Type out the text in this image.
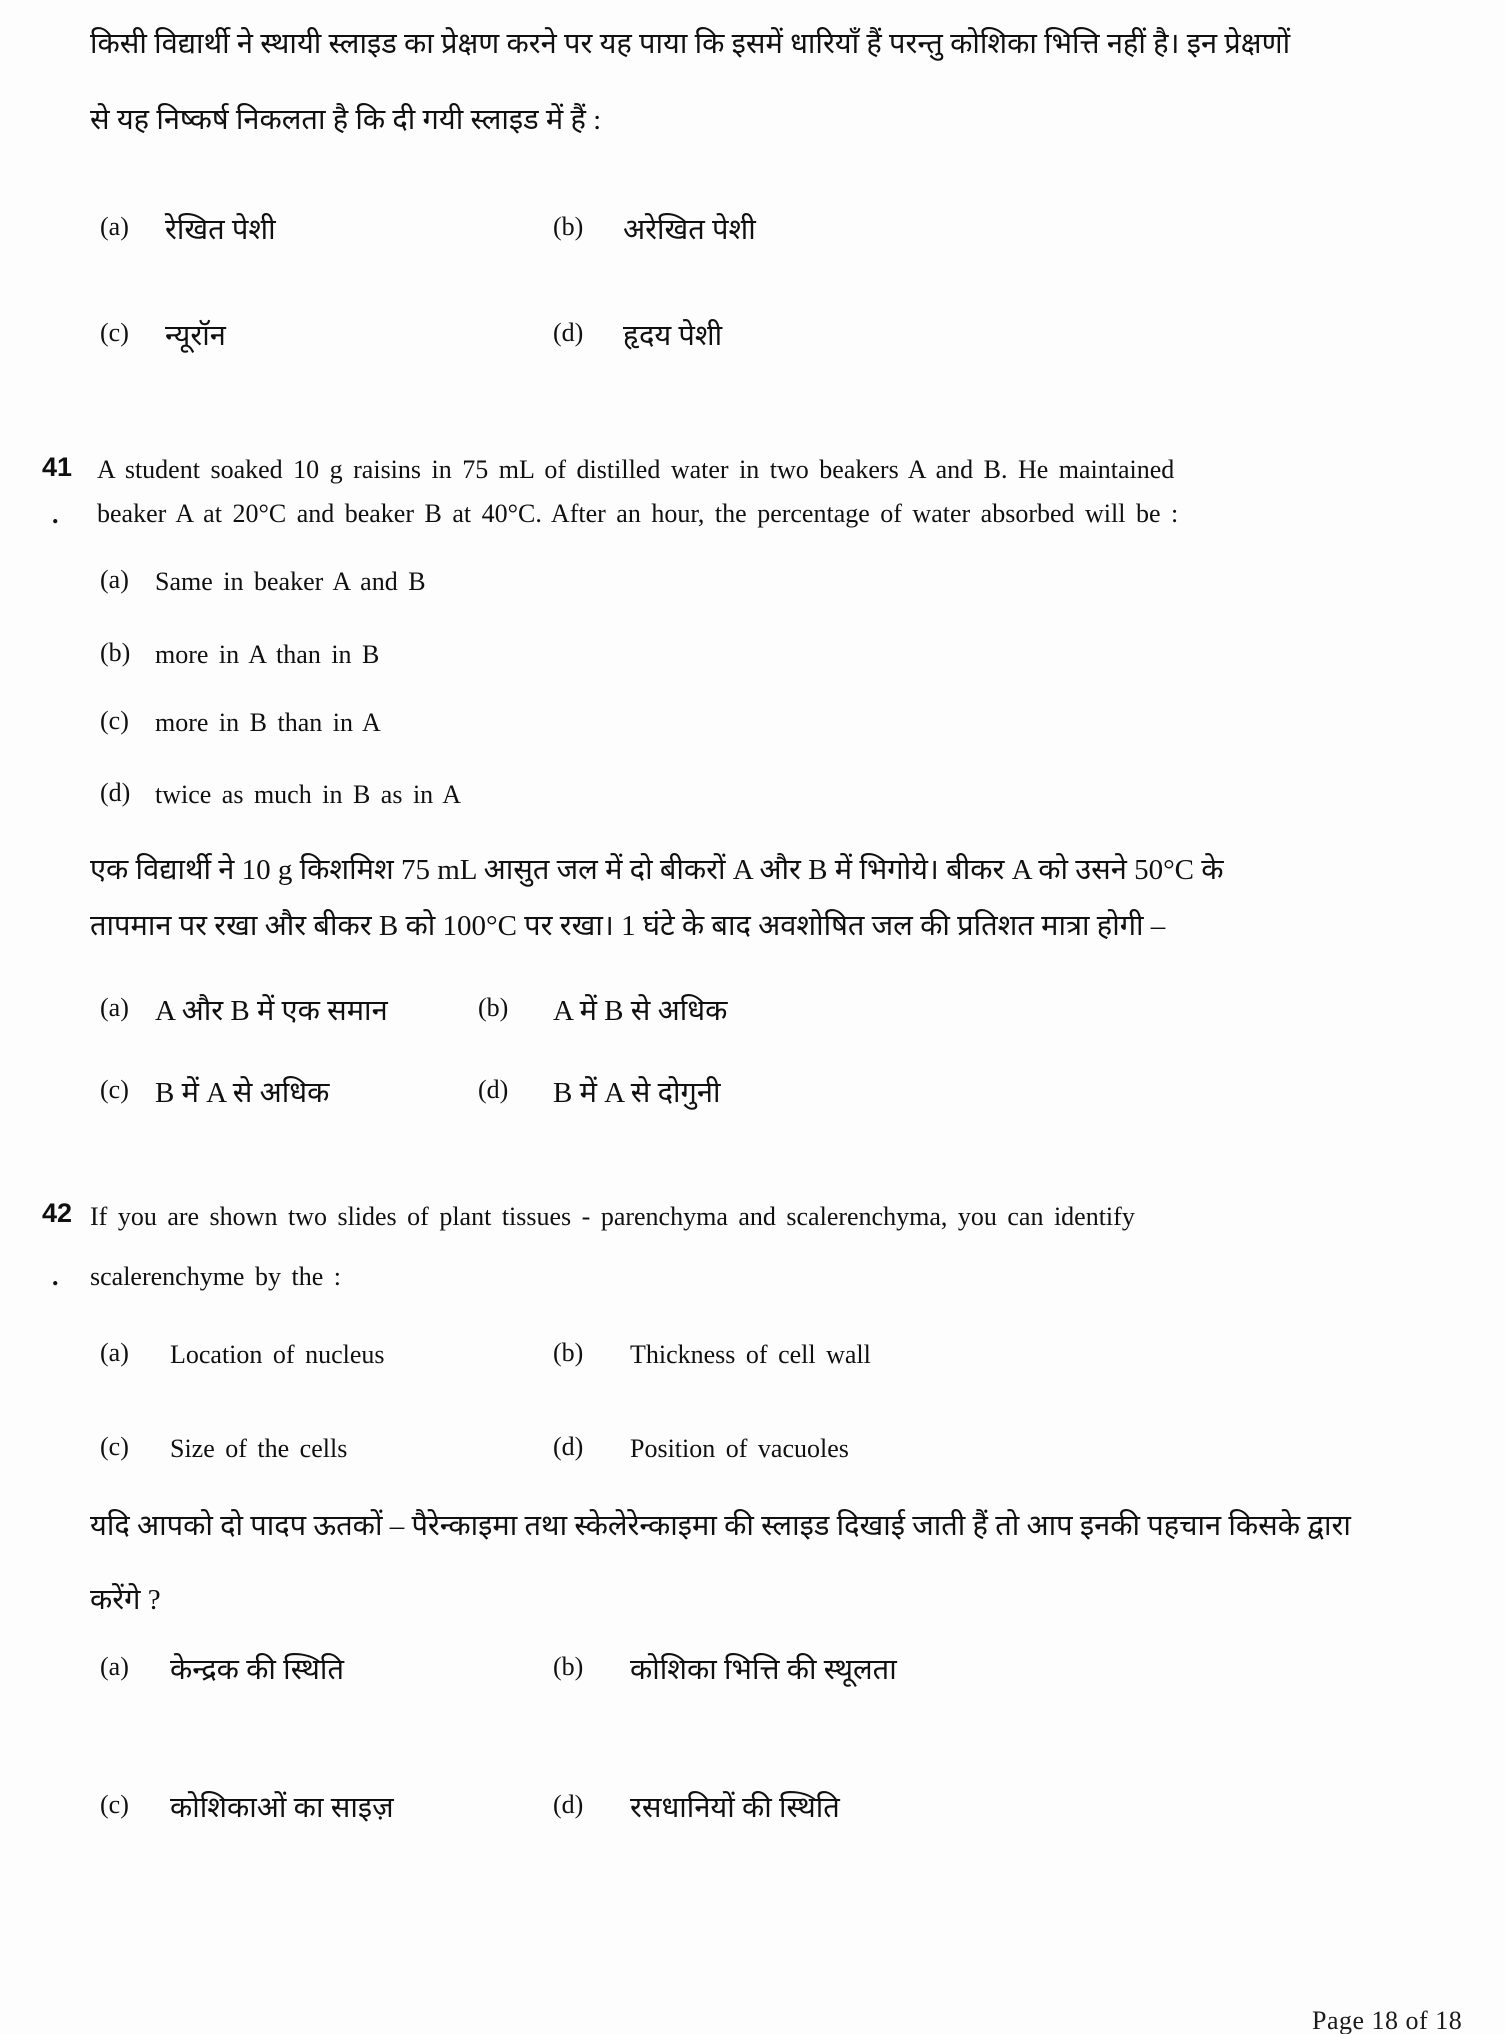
किसी विद्यार्थी ने स्थायी स्लाइड का प्रेक्षण करने पर यह पाया कि इसमें धारियाँ हैं परन्तु कोशिका भित्ति नहीं है। इन प्रेक्षणों
से यह निष्कर्ष निकलता है कि दी गयी स्लाइड में हैं :
(a) रेखित पेशी	(b) अरेखित पेशी
(c) न्यूरॉन	(d) हृदय पेशी
41
.
A student soaked 10 g raisins in 75 mL of distilled water in two beakers A and B. He maintained
beaker A at 20°C and beaker B at 40°C. After an hour, the percentage of water absorbed will be :
(a) Same in beaker A and B
(b) more in A than in B
(c) more in B than in A
(d) twice as much in B as in A
एक विद्यार्थी ने 10 g किशमिश 75 mL आसुत जल में दो बीकरों A और B में भिगोये। बीकर A को उसने 50°C के
तापमान पर रखा और बीकर B को 100°C पर रखा। 1 घंटे के बाद अवशोषित जल की प्रतिशत मात्रा होगी –
(a) A और B में एक समान	(b) A में B से अधिक
(c) B में A से अधिक	(d) B में A से दोगुनी
42
.
If you are shown two slides of plant tissues - parenchyma and scalerenchyma, you can identify
scalerenchyme by the :
(a) Location of nucleus	(b) Thickness of cell wall
(c) Size of the cells	(d) Position of vacuoles
यदि आपको दो पादप ऊतकों – पैरेन्काइमा तथा स्केलेरेन्काइमा की स्लाइड दिखाई जाती हैं तो आप इनकी पहचान किसके द्वारा
करेंगे ?
(a) केन्द्रक की स्थिति	(b) कोशिका भित्ति की स्थूलता
(c) कोशिकाओं का साइज़	(d) रसधानियों की स्थिति
Page 18 of 18
